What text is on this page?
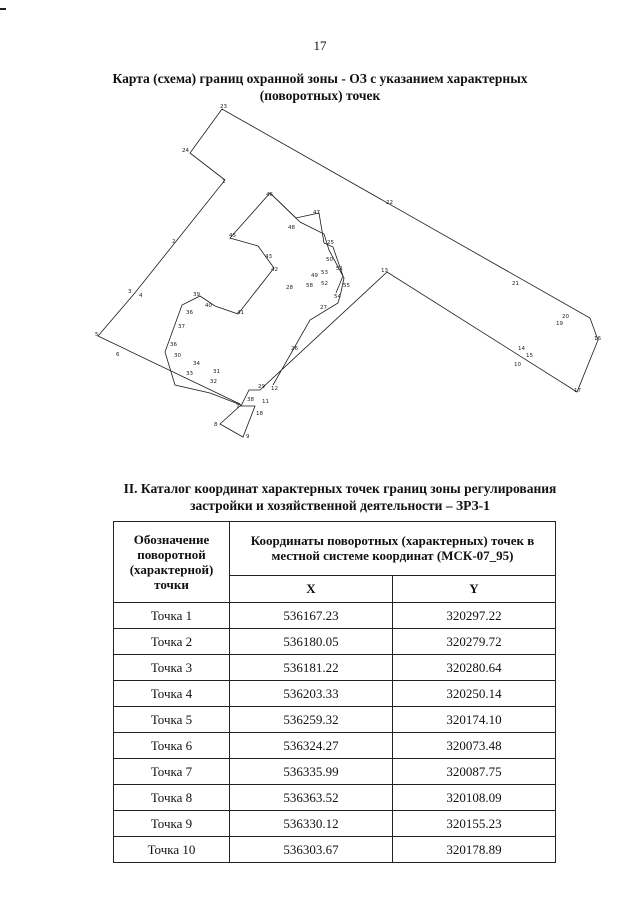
17
Карта (схема) границ охранной зоны - ОЗ с указанием характерных
(поворотных) точек
23
24
1
22
46
47
48
45
2	25
43
13
42
50
51
53
49
52	55
58
28
21
54
3
4	39
40
41
27
36
20
19
37
5
16
36
26	14
6	30	15
34	10
33	31
32
29 12	17
38 11
7
18
8
9
II. Каталог координат характерных точек границ зоны регулирования
застройки и хозяйственной деятельности – ЗРЗ-1
Обозначение поворотной (характерной) точки	Координаты поворотных (характерных) точек в местной системе координат (МСК-07_95)	
	X	Y
Точка 1	536167.23	320297.22
Точка 2	536180.05	320279.72
Точка 3	536181.22	320280.64
Точка 4	536203.33	320250.14
Точка 5	536259.32	320174.10
Точка 6	536324.27	320073.48
Точка 7	536335.99	320087.75
Точка 8	536363.52	320108.09
Точка 9	536330.12	320155.23
Точка 10	536303.67	320178.89
